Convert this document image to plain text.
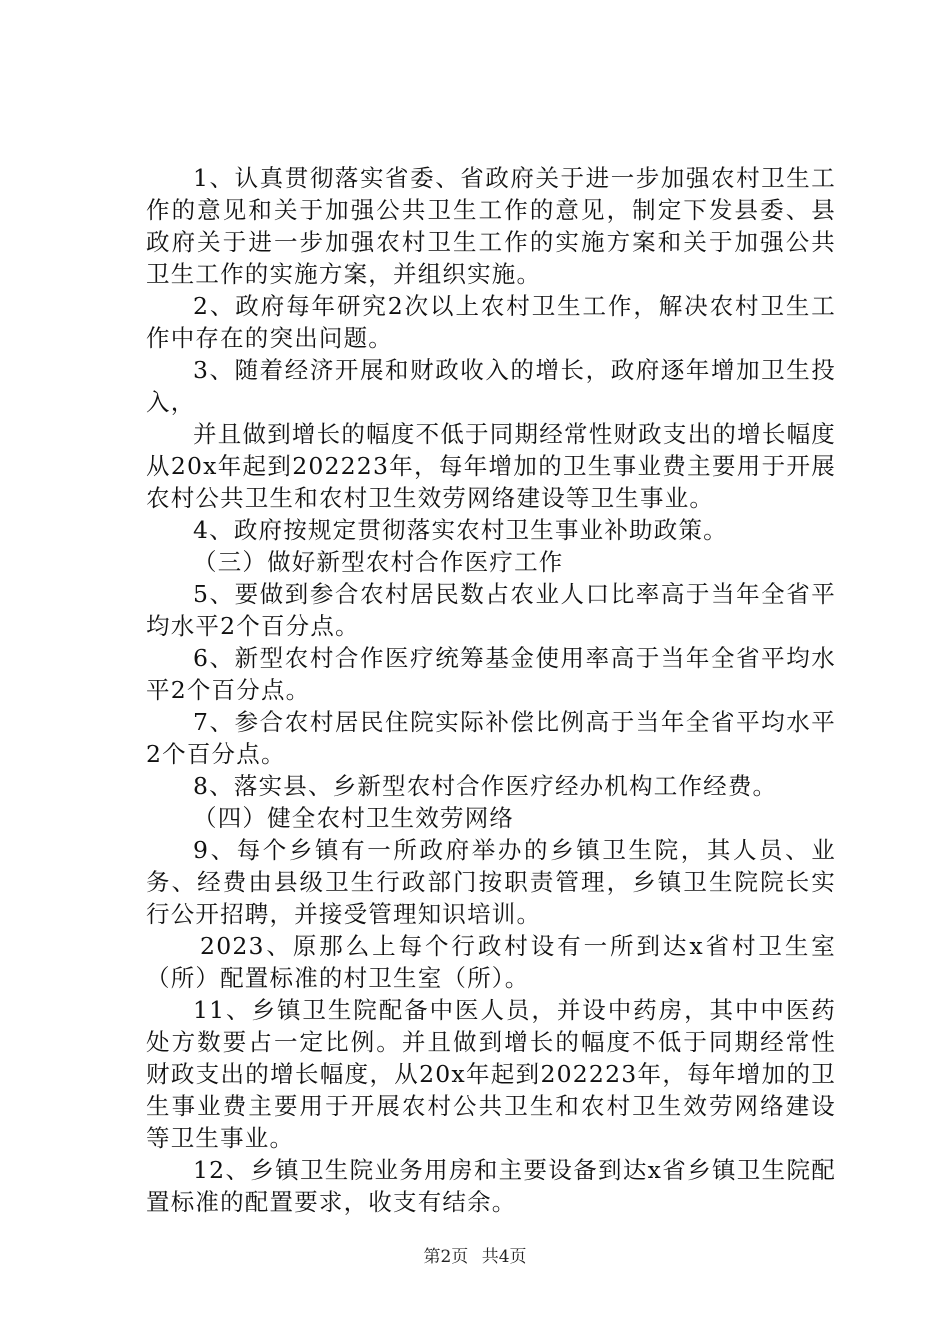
1、认真贯彻落实省委、省政府关于进一步加强农村卫生工作的意见和关于加强公共卫生工作的意见，制定下发县委、县政府关于进一步加强农村卫生工作的实施方案和关于加强公共卫生工作的实施方案，并组织实施。

2、政府每年研究2次以上农村卫生工作，解决农村卫生工作中存在的突出问题。

3、随着经济开展和财政收入的增长，政府逐年增加卫生投入，

并且做到增长的幅度不低于同期经常性财政支出的增长幅度从20x年起到202223年，每年增加的卫生事业费主要用于开展农村公共卫生和农村卫生效劳网络建设等卫生事业。

4、政府按规定贯彻落实农村卫生事业补助政策。

（三）做好新型农村合作医疗工作

5、要做到参合农村居民数占农业人口比率高于当年全省平均水平2个百分点。

6、新型农村合作医疗统筹基金使用率高于当年全省平均水平2个百分点。

7、参合农村居民住院实际补偿比例高于当年全省平均水平2个百分点。

8、落实县、乡新型农村合作医疗经办机构工作经费。

（四）健全农村卫生效劳网络

9、每个乡镇有一所政府举办的乡镇卫生院，其人员、业务、经费由县级卫生行政部门按职责管理，乡镇卫生院院长实行公开招聘，并接受管理知识培训。

2023、原那么上每个行政村设有一所到达x省村卫生室（所）配置标准的村卫生室（所）。

11、乡镇卫生院配备中医人员，并设中药房，其中中医药处方数要占一定比例。并且做到增长的幅度不低于同期经常性财政支出的增长幅度，从20x年起到202223年，每年增加的卫生事业费主要用于开展农村公共卫生和农村卫生效劳网络建设等卫生事业。

12、乡镇卫生院业务用房和主要设备到达x省乡镇卫生院配置标准的配置要求，收支有结余。

第2页 共4页
